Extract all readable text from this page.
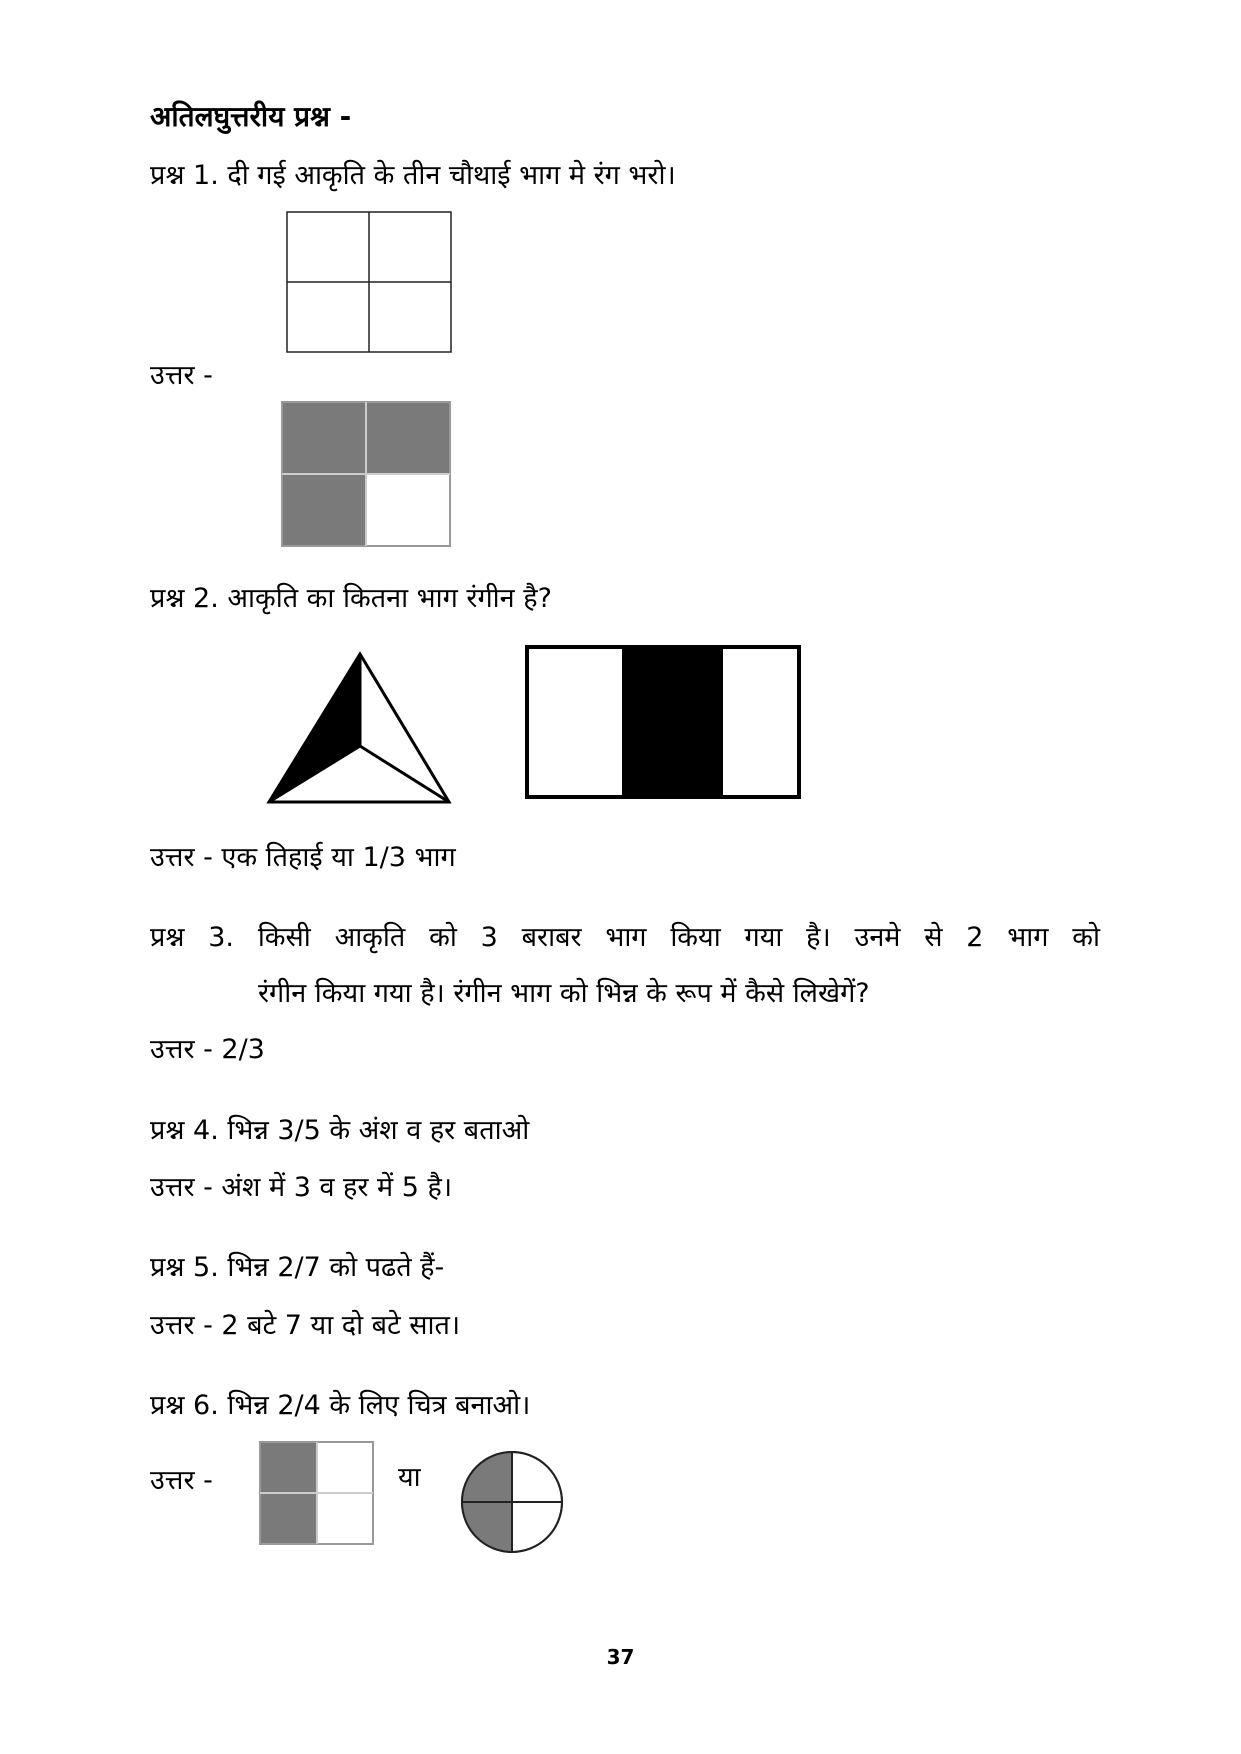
अतिलघुत्तरीय प्रश्न -
प्रश्न 1. दी गई आकृति के तीन चौथाई भाग मे रंग भरो।
उत्तर -
प्रश्न 2. आकृति का कितना भाग रंगीन है?
उत्तर - एक तिहाई या 1/3 भाग
प्रश्न 3. किसी आकृति को 3 बराबर भाग किया गया है। उनमे से 2 भाग को
रंगीन किया गया है। रंगीन भाग को भिन्न के रूप में कैसे लिखेगें?
उत्तर - 2/3
प्रश्न 4. भिन्न 3/5 के अंश व हर बताओ
उत्तर - अंश में 3 व हर में 5 है।
प्रश्न 5. भिन्न 2/7 को पढते हैं-
उत्तर - 2 बटे 7 या दो बटे सात।
प्रश्न 6. भिन्न 2/4 के लिए चित्र बनाओ।
उत्तर -	या
37
